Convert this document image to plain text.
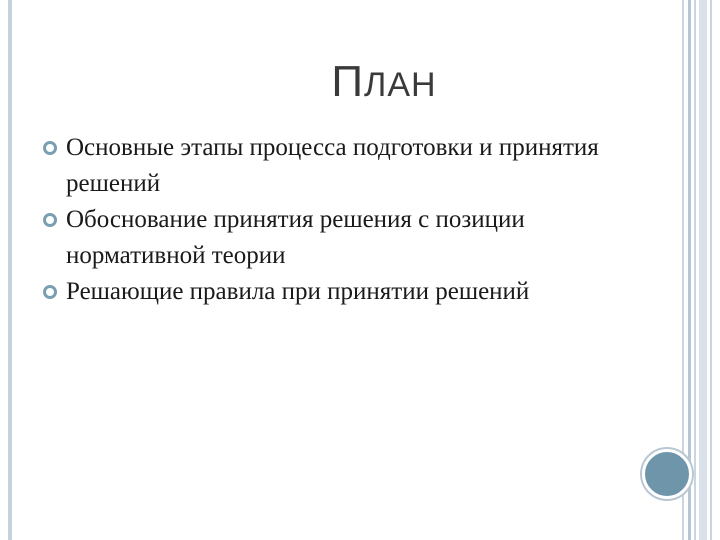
ПЛАН
Основные этапы процесса подготовки и принятия решений
Обоснование принятия решения с позиции нормативной теории
Решающие правила при принятии решений
